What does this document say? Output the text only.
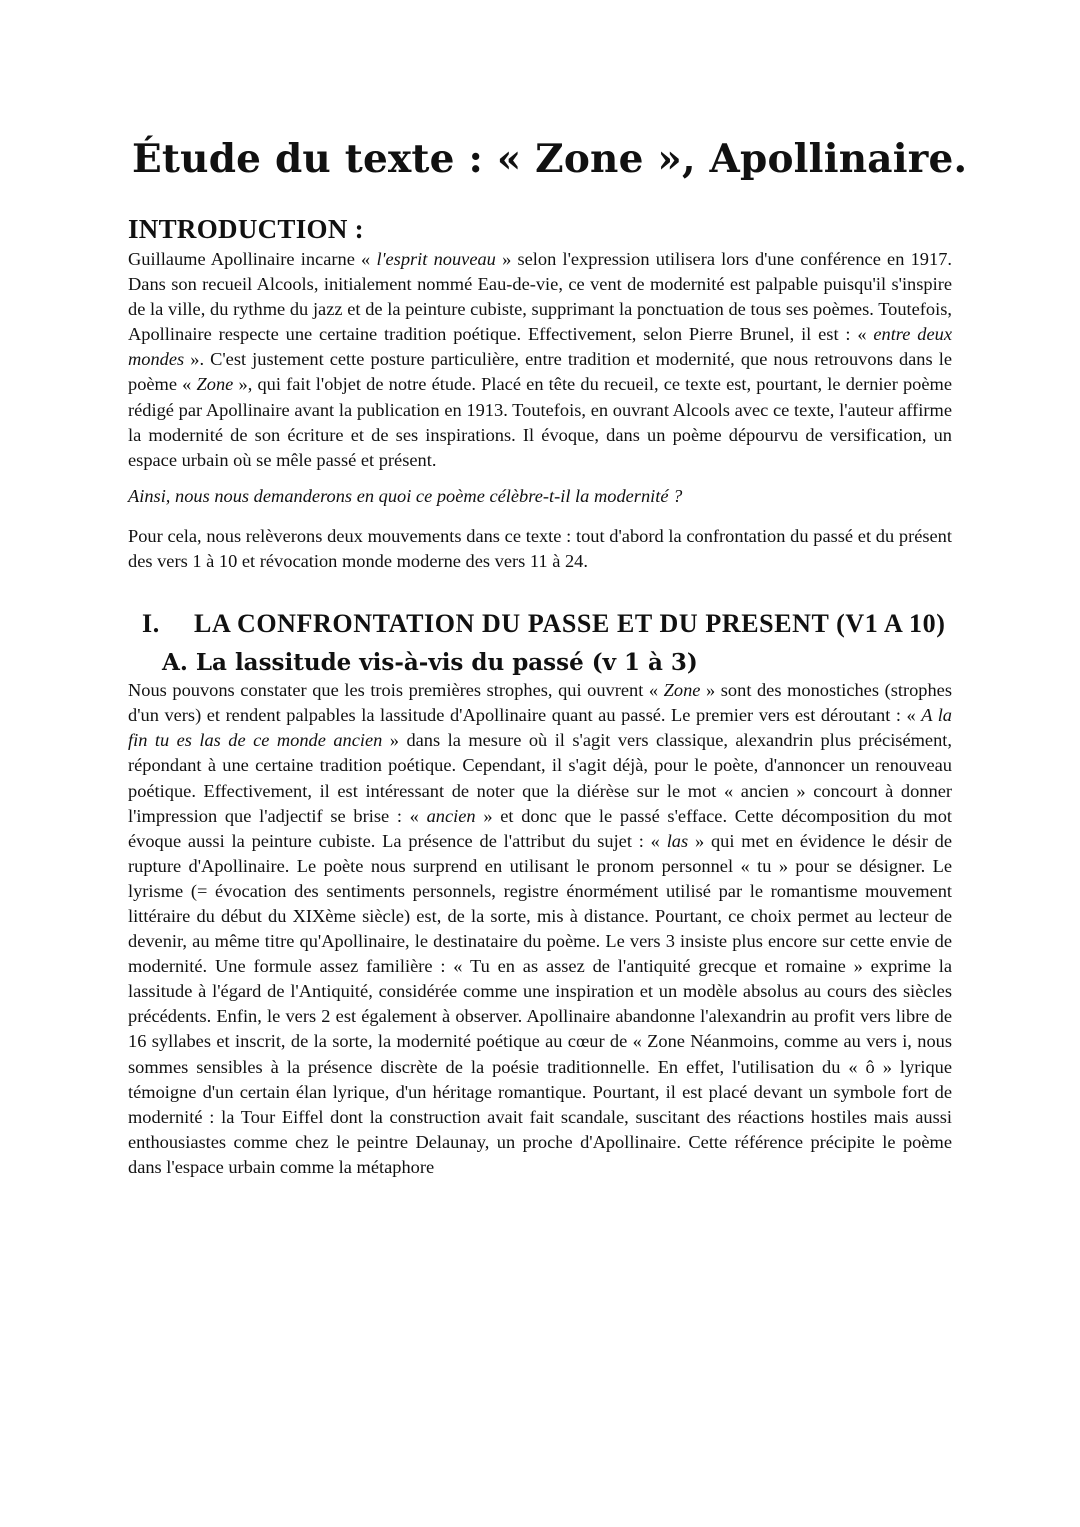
Étude du texte : « Zone », Apollinaire.
INTRODUCTION :

Guillaume Apollinaire incarne « l'esprit nouveau » selon l'expression utilisera lors d'une conférence en 1917. Dans son recueil Alcools, initialement nommé Eau-de-vie, ce vent de modernité est palpable puisqu'il s'inspire de la ville, du rythme du jazz et de la peinture cubiste, supprimant la ponctuation de tous ses poèmes. Toutefois, Apollinaire respecte une certaine tradition poétique. Effectivement, selon Pierre Brunel, il est : « entre deux mondes ». C'est justement cette posture particulière, entre tradition et modernité, que nous retrouvons dans le poème « Zone », qui fait l'objet de notre étude. Placé en tête du recueil, ce texte est, pourtant, le dernier poème rédigé par Apollinaire avant la publication en 1913. Toutefois, en ouvrant Alcools avec ce texte, l'auteur affirme la modernité de son écriture et de ses inspirations. Il évoque, dans un poème dépourvu de versification, un espace urbain où se mêle passé et présent.

Ainsi, nous nous demanderons en quoi ce poème célèbre-t-il la modernité ?

Pour cela, nous relèverons deux mouvements dans ce texte : tout d'abord la confrontation du passé et du présent des vers 1 à 10 et révocation monde moderne des vers 11 à 24.

I.	LA CONFRONTATION DU PASSE ET DU PRESENT (V1 A 10)
A. La lassitude vis-à-vis du passé (v 1 à 3)

Nous pouvons constater que les trois premières strophes, qui ouvrent « Zone » sont des monostiches (strophes d'un vers) et rendent palpables la lassitude d'Apollinaire quant au passé. Le premier vers est déroutant : « A la fin tu es las de ce monde ancien » dans la mesure où il s'agit vers classique, alexandrin plus précisément, répondant à une certaine tradition poétique. Cependant, il s'agit déjà, pour le poète, d'annoncer un renouveau poétique. Effectivement, il est intéressant de noter que la diérèse sur le mot « ancien » concourt à donner l'impression que l'adjectif se brise : « ancien » et donc que le passé s'efface. Cette décomposition du mot évoque aussi la peinture cubiste. La présence de l'attribut du sujet : « las » qui met en évidence le désir de rupture d'Apollinaire. Le poète nous surprend en utilisant le pronom personnel « tu » pour se désigner. Le lyrisme (= évocation des sentiments personnels, registre énormément utilisé par le romantisme mouvement littéraire du début du XIXème siècle) est, de la sorte, mis à distance. Pourtant, ce choix permet au lecteur de devenir, au même titre qu'Apollinaire, le destinataire du poème. Le vers 3 insiste plus encore sur cette envie de modernité. Une formule assez familière : « Tu en as assez de l'antiquité grecque et romaine » exprime la lassitude à l'égard de l'Antiquité, considérée comme une inspiration et un modèle absolus au cours des siècles précédents. Enfin, le vers 2 est également à observer. Apollinaire abandonne l'alexandrin au profit vers libre de 16 syllabes et inscrit, de la sorte, la modernité poétique au cœur de « Zone Néanmoins, comme au vers i, nous sommes sensibles à la présence discrète de la poésie traditionnelle. En effet, l'utilisation du « ô » lyrique témoigne d'un certain élan lyrique, d'un héritage romantique. Pourtant, il est placé devant un symbole fort de modernité : la Tour Eiffel dont la construction avait fait scandale, suscitant des réactions hostiles mais aussi enthousiastes comme chez le peintre Delaunay, un proche d'Apollinaire. Cette référence précipite le poème dans l'espace urbain comme la métaphore
